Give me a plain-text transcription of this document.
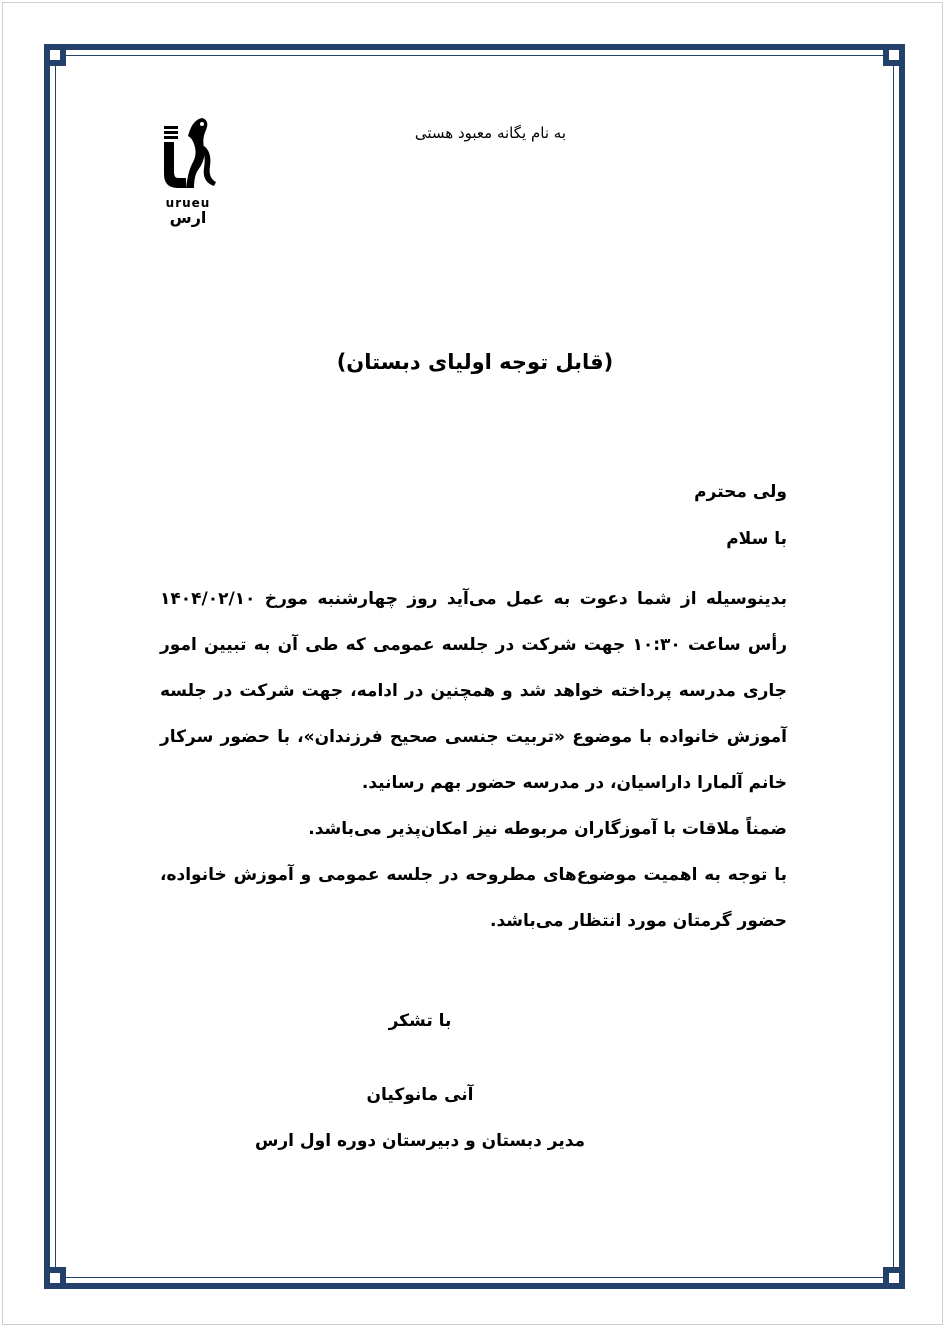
urueu
ارس
به نام یگانه معبود هستی
(قابل توجه اولیای دبستان)
ولی محترم
با سلام

بدینوسیله از شما دعوت به عمل می‌آید روز چهارشنبه مورخ ۱۴۰۴/۰۲/۱۰ رأس ساعت ۱۰:۳۰ جهت شرکت در جلسه عمومی که طی آن به تبیین امور جاری مدرسه پرداخته خواهد شد و همچنین در ادامه، جهت شرکت در جلسه آموزش خانواده با موضوع «تربیت جنسی صحیح فرزندان»، با حضور سرکار خانم آلمارا داراسیان، در مدرسه حضور بهم رسانید.

ضمناً ملاقات با آموزگاران مربوطه نیز امکان‌پذیر می‌باشد.

با توجه به اهمیت موضوع‌های مطروحه در جلسه عمومی و آموزش خانواده، حضور گرمتان مورد انتظار می‌باشد.

با تشکر
آنی مانوکیان
مدیر دبستان و دبیرستان دوره اول ارس
